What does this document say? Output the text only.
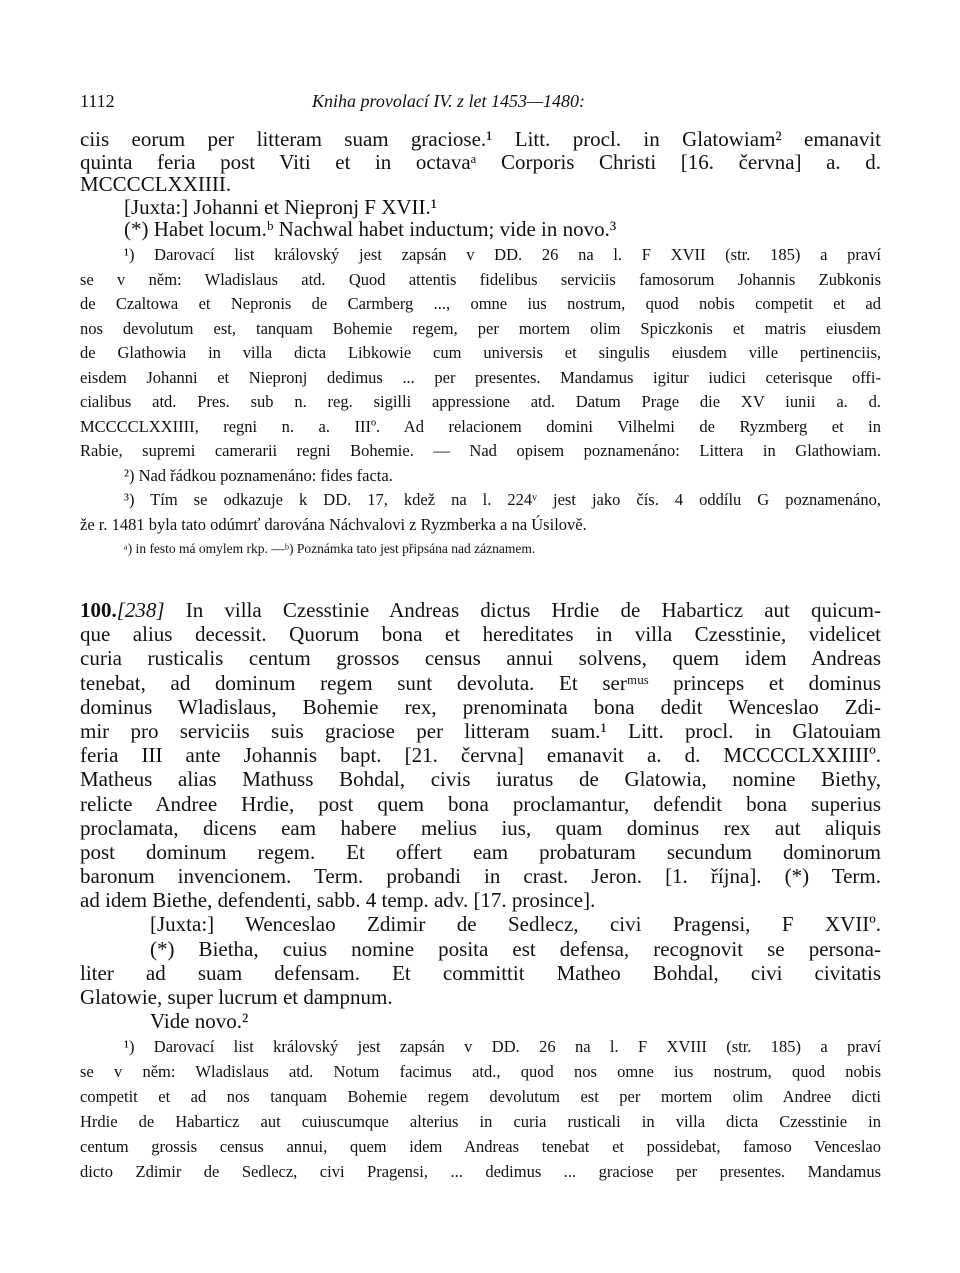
1112	Kniha provolací IV. z let 1453—1480:
ciis eorum per litteram suam graciose.¹ Litt. procl. in Glatowiam² emanavit
quinta feria post Viti et in octavaᵃ Corporis Christi [16. června] a. d.
MCCCCLXXIIII.
[Juxta:] Johanni et Niepronj F XVII.¹
(*) Habet locum.ᵇ Nachwal habet inductum; vide in novo.³
¹) Darovací list královský jest zapsán v DD. 26 na l. F XVII (str. 185) a praví
se v něm: Wladislaus atd. Quod attentis fidelibus serviciis famosorum Johannis Zubkonis
de Czaltowa et Nepronis de Carmberg ..., omne ius nostrum, quod nobis competit et ad
nos devolutum est, tanquam Bohemie regem, per mortem olim Spiczkonis et matris eiusdem
de Glathowia in villa dicta Libkowie cum universis et singulis eiusdem ville pertinenciis,
eisdem Johanni et Niepronj dedimus ... per presentes. Mandamus igitur iudici ceterisque offi-
cialibus atd. Pres. sub n. reg. sigilli appressione atd. Datum Prage die XV iunii a. d.
MCCCCLXXIIII, regni n. a. IIIº. Ad relacionem domini Vilhelmi de Ryzmberg et in
Rabie, supremi camerarii regni Bohemie. — Nad opisem poznamenáno: Littera in Glathowiam.
²) Nad řádkou poznamenáno: fides facta.
³) Tím se odkazuje k DD. 17, kdež na l. 224ᵛ jest jako čís. 4 oddílu G poznamenáno,
že r. 1481 byla tato odúmrť darována Náchvalovi z Ryzmberka a na Úsilově.
ᵃ) in festo má omylem rkp. —ᵇ) Poznámka tato jest připsána nad záznamem.
100.[238] In villa Czesstinie Andreas dictus Hrdie de Habarticz aut quicum-
que alius decessit. Quorum bona et hereditates in villa Czesstinie, videlicet
curia rusticalis centum grossos census annui solvens, quem idem Andreas
tenebat, ad dominum regem sunt devoluta. Et serᵐᵘˢ princeps et dominus
dominus Wladislaus, Bohemie rex, prenominata bona dedit Wenceslao Zdi-
mir pro serviciis suis graciose per litteram suam.¹ Litt. procl. in Glatouiam
feria III ante Johannis bapt. [21. června] emanavit a. d. MCCCCLXXIIIIº.
Matheus alias Mathuss Bohdal, civis iuratus de Glatowia, nomine Biethy,
relicte Andree Hrdie, post quem bona proclamantur, defendit bona superius
proclamata, dicens eam habere melius ius, quam dominus rex aut aliquis
post dominum regem. Et offert eam probaturam secundum dominorum
baronum invencionem. Term. probandi in crast. Jeron. [1. října]. (*) Term.
ad idem Biethe, defendenti, sabb. 4 temp. adv. [17. prosince].
[Juxta:] Wenceslao Zdimir de Sedlecz, civi Pragensi, F XVIIº.
(*) Bietha, cuius nomine posita est defensa, recognovit se persona-
liter ad suam defensam. Et committit Matheo Bohdal, civi civitatis
Glatowie, super lucrum et dampnum.
Vide novo.²
¹) Darovací list královský jest zapsán v DD. 26 na l. F XVIII (str. 185) a praví
se v něm: Wladislaus atd. Notum facimus atd., quod nos omne ius nostrum, quod nobis
competit et ad nos tanquam Bohemie regem devolutum est per mortem olim Andree dicti
Hrdie de Habarticz aut cuiuscumque alterius in curia rusticali in villa dicta Czesstinie in
centum grossis census annui, quem idem Andreas tenebat et possidebat, famoso Venceslao
dicto Zdimir de Sedlecz, civi Pragensi, ... dedimus ... graciose per presentes. Mandamus
